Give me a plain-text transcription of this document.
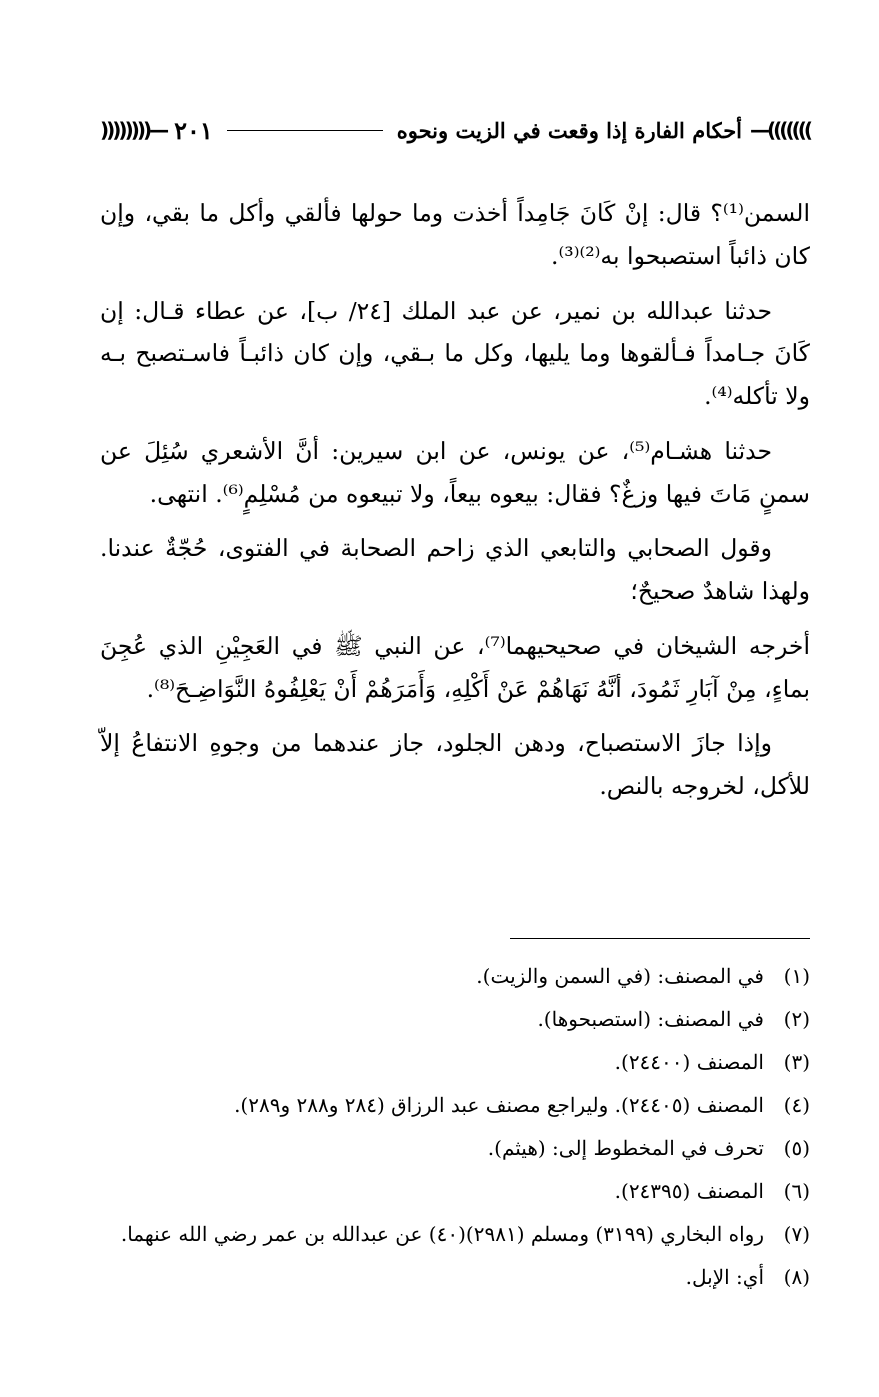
)))))))—
أحكام الفارة إذا وقعت في الزيت ونحوه
٢٠١
—((((((((

السمن⁽¹⁾؟ قال: إنْ كَانَ جَامِداً أخذت وما حولها فألقي وأكل ما بقي، وإن كان ذائباً استصبحوا به⁽²⁾⁽³⁾.

حدثنا عبدالله بن نمير، عن عبد الملك [٢٤/ ب]، عن عطاء قـال: إن كَانَ جـامداً فـألقوها وما يليها، وكل ما بـقي، وإن كان ذائبـاً فاسـتصبح بـه ولا تأكله⁽⁴⁾.

حدثنا هشـام⁽⁵⁾، عن يونس، عن ابن سيرين: أنَّ الأشعري سُئِلَ عن سمنٍ مَاتَ فيها وزغٌ؟ فقال: بيعوه بيعاً، ولا تبيعوه من مُسْلِمٍ⁽⁶⁾. انتهى.

وقول الصحابي والتابعي الذي زاحم الصحابة في الفتوى، حُجّةٌ عندنا. ولهذا شاهدٌ صحيحٌ؛

أخرجه الشيخان في صحيحيهما⁽⁷⁾، عن النبي ﷺ في العَجِيْنِ الذي عُجِنَ بماءٍ، مِنْ آبَارِ ثَمُودَ، أنَّهُ نَهَاهُمْ عَنْ أَكْلِهِ، وَأَمَرَهُمْ أَنْ يَعْلِفُوهُ النَّوَاضِـحَ⁽⁸⁾.

وإذا جازَ الاستصباح، ودهن الجلود، جاز عندهما من وجوهِ الانتفاعُ إلاّ للأكل، لخروجه بالنص.

(١)في المصنف: (في السمن والزيت).
(٢)في المصنف: (استصبحوها).
(٣)المصنف (٢٤٤٠٠).
(٤)المصنف (٢٤٤٠٥). وليراجع مصنف عبد الرزاق (٢٨٤ و٢٨٨ و٢٨٩).
(٥)تحرف في المخطوط إلى: (هيثم).
(٦)المصنف (٢٤٣٩٥).
(٧)رواه البخاري (٣١٩٩) ومسلم (٢٩٨١)(٤٠) عن عبدالله بن عمر رضي الله عنهما.
(٨)أي: الإبل.
